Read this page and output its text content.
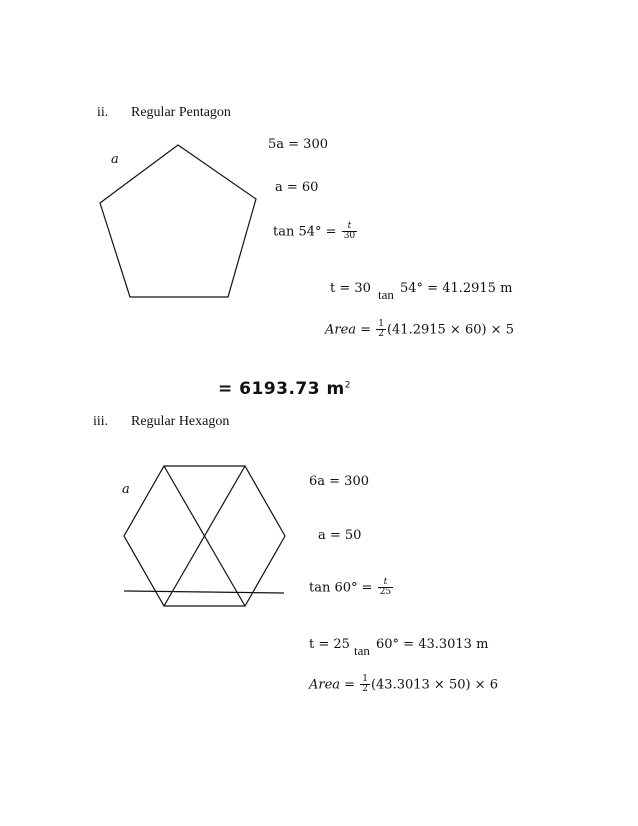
ii. Regular Pentagon
a
5a = 300
a = 60
$\tan 54^\circ = \frac{t}{30}$
t = 30 tan 54° = 41.2915 m
Area = $\frac{1}{2} (41.2915 \times 60) \times 5$
= 6193.73 $m^2$
iii. Regular Hexagon
a
6a = 300
a = 50
$\tan 60^\circ = \frac{t}{25}$
t = 25 tan 60° = 43.3013 m
Area = $\frac{1}{2} (43.3013 \times 50) \times 6$
